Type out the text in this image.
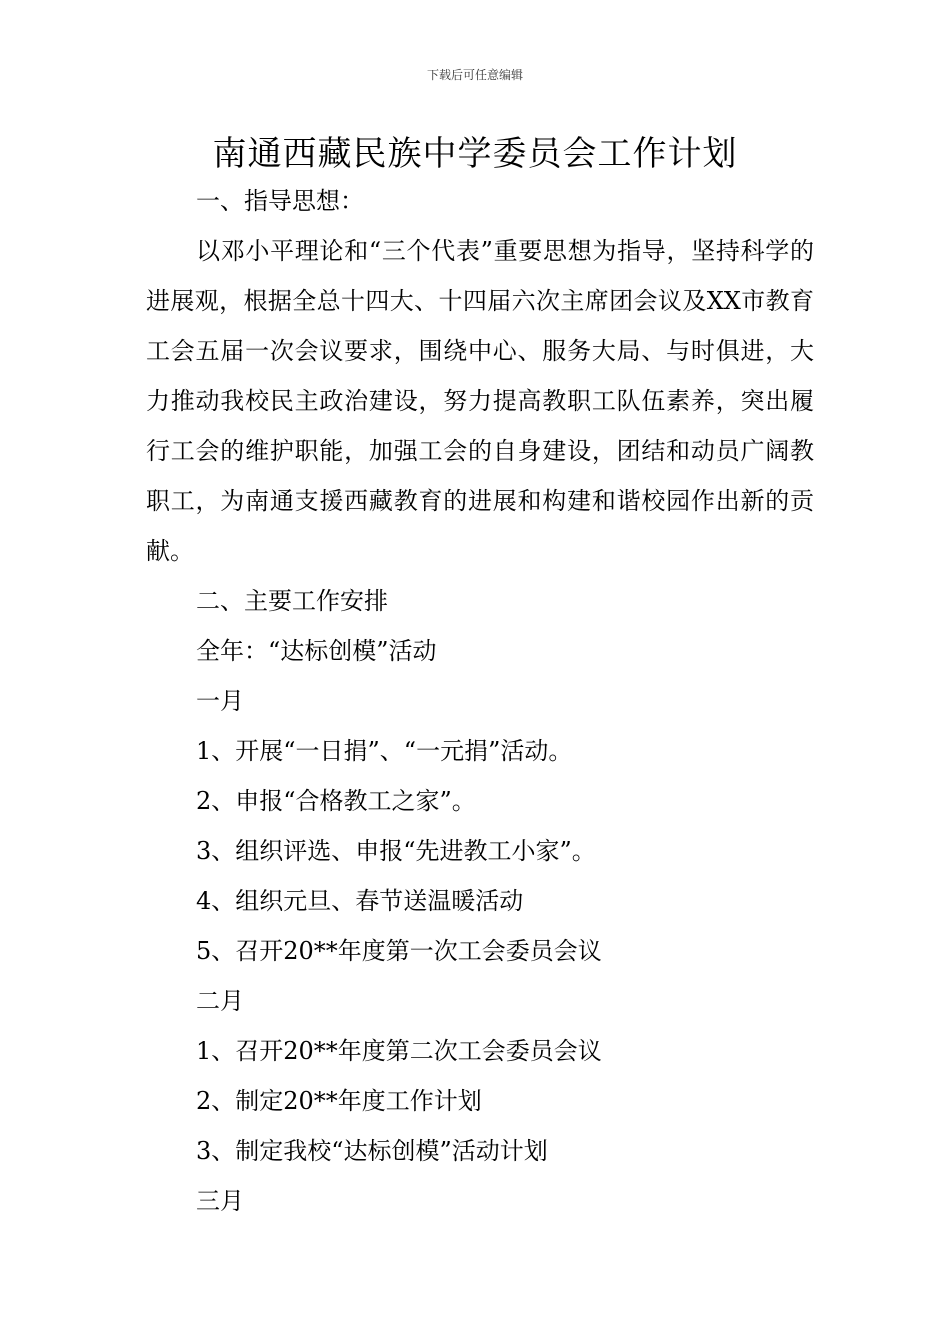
下载后可任意编辑
南通西藏民族中学委员会工作计划

一、指导思想：

以邓小平理论和“三个代表”重要思想为指导，坚持科学的进展观，根据全总十四大、十四届六次主席团会议及XX市教育工会五届一次会议要求，围绕中心、服务大局、与时俱进，大力推动我校民主政治建设，努力提高教职工队伍素养，突出履行工会的维护职能，加强工会的自身建设，团结和动员广阔教职工，为南通支援西藏教育的进展和构建和谐校园作出新的贡献。

二、主要工作安排

全年：“达标创模”活动

一月

1、开展“一日捐”、“一元捐”活动。

2、申报“合格教工之家”。

3、组织评选、申报“先进教工小家”。

4、组织元旦、春节送温暖活动

5、召开20**年度第一次工会委员会议

二月

1、召开20**年度第二次工会委员会议

2、制定20**年度工作计划

3、制定我校“达标创模”活动计划

三月
